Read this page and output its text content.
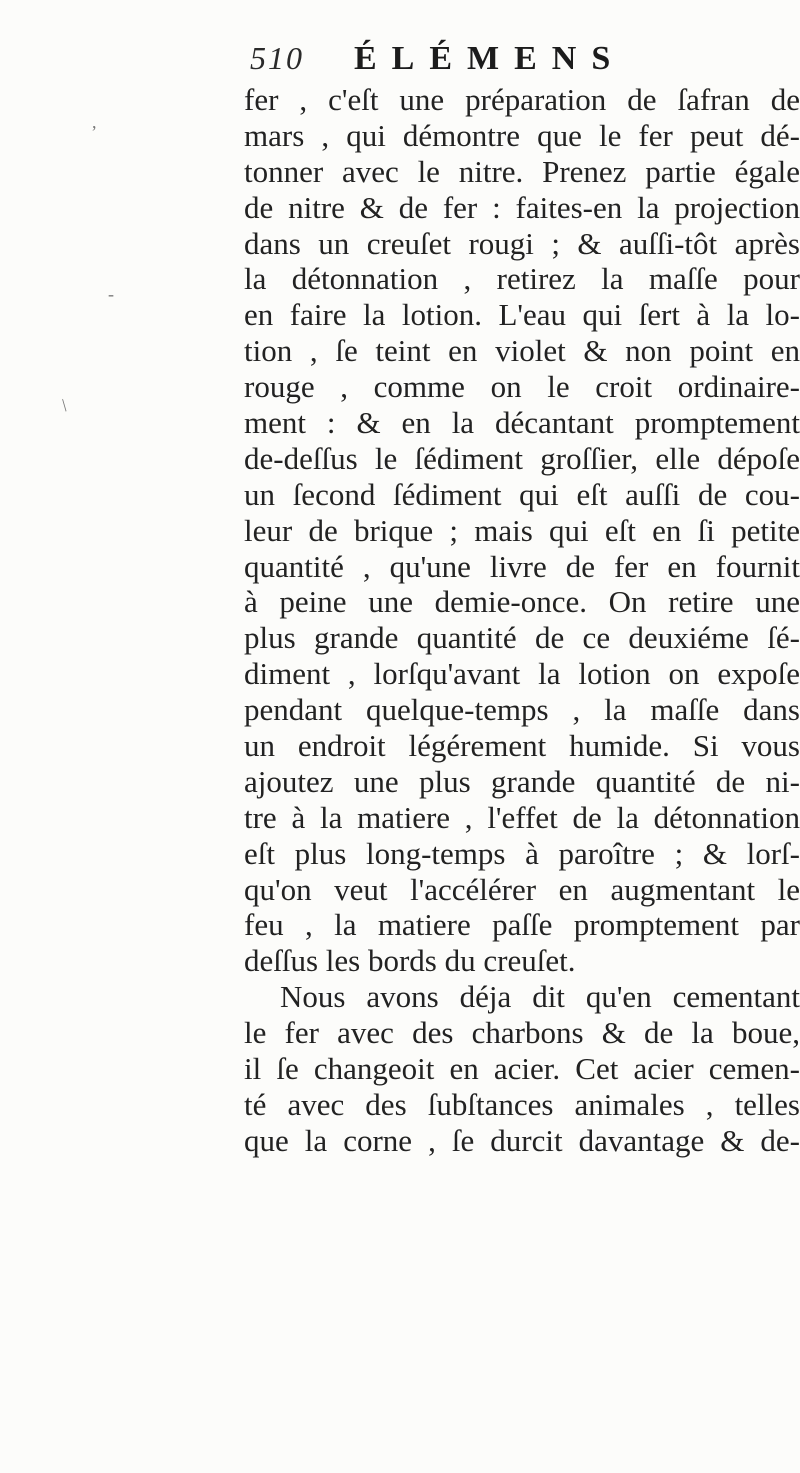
510 ÉLÉMENS
,
-
/
fer , c'eſt une préparation de ſafran de
mars , qui démontre que le fer peut dé-
tonner avec le nitre. Prenez partie égale
de nitre & de fer : faites-en la projection
dans un creuſet rougi ; & auſſi-tôt après
la détonnation , retirez la maſſe pour
en faire la lotion. L'eau qui ſert à la lo-
tion , ſe teint en violet & non point en
rouge , comme on le croit ordinaire-
ment : & en la décantant promptement
de-deſſus le ſédiment groſſier, elle dépoſe
un ſecond ſédiment qui eſt auſſi de cou-
leur de brique ; mais qui eſt en ſi petite
quantité , qu'une livre de fer en fournit
à peine une demie-once. On retire une
plus grande quantité de ce deuxiéme ſé-
diment , lorſqu'avant la lotion on expoſe
pendant quelque-temps , la maſſe dans
un endroit légérement humide. Si vous
ajoutez une plus grande quantité de ni-
tre à la matiere , l'effet de la détonnation
eſt plus long-temps à paroître ; & lorſ-
qu'on veut l'accélérer en augmentant le
feu , la matiere paſſe promptement par
deſſus les bords du creuſet.
Nous avons déja dit qu'en cementant
le fer avec des charbons & de la boue,
il ſe changeoit en acier. Cet acier cemen-
té avec des ſubſtances animales , telles
que la corne , ſe durcit davantage & de-
